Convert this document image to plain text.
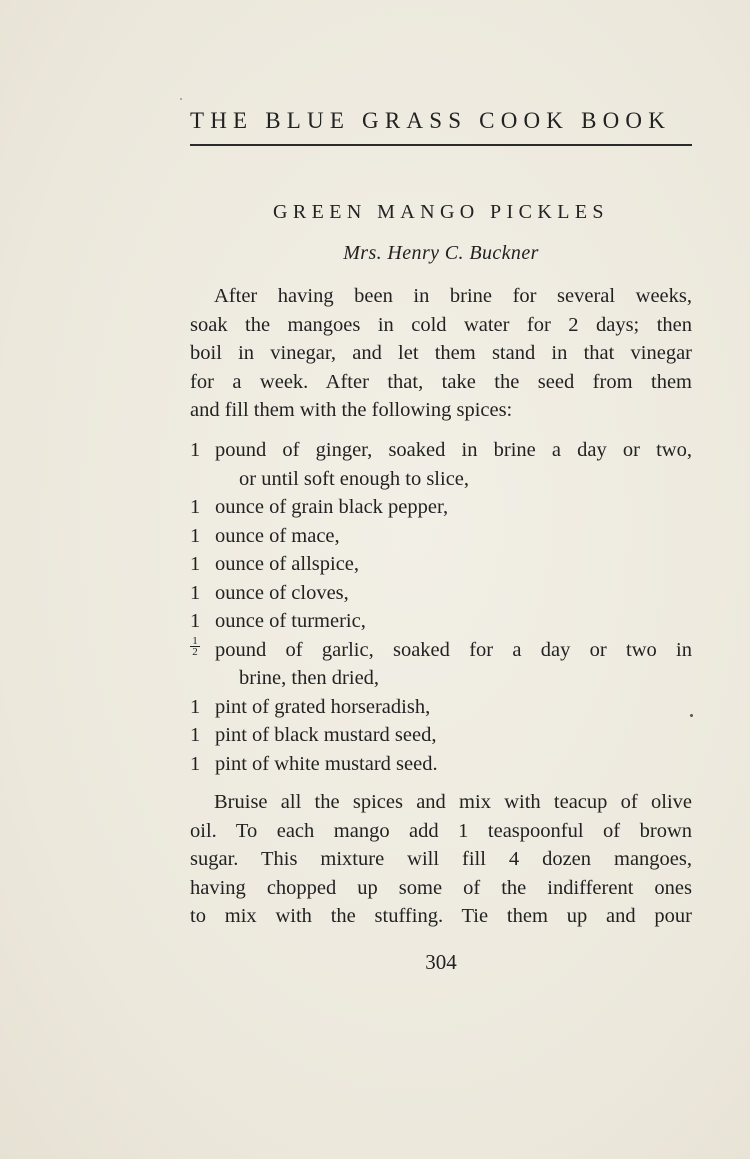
THE BLUE GRASS COOK BOOK
GREEN MANGO PICKLES
Mrs. Henry C. Buckner
After having been in brine for several weeks,
soak the mangoes in cold water for 2 days; then
boil in vinegar, and let them stand in that vinegar
for a week. After that, take the seed from them
and fill them with the following spices:
1 pound of ginger, soaked in brine a day or two,
or until soft enough to slice,
1 ounce of grain black pepper,
1 ounce of mace,
1 ounce of allspice,
1 ounce of cloves,
1 ounce of turmeric,
$\frac{1}{2}$ pound of garlic, soaked for a day or two in
brine, then dried,
1 pint of grated horseradish,
1 pint of black mustard seed,
1 pint of white mustard seed.
Bruise all the spices and mix with teacup of olive
oil. To each mango add 1 teaspoonful of brown
sugar. This mixture will fill 4 dozen mangoes,
having chopped up some of the indifferent ones
to mix with the stuffing. Tie them up and pour
304
